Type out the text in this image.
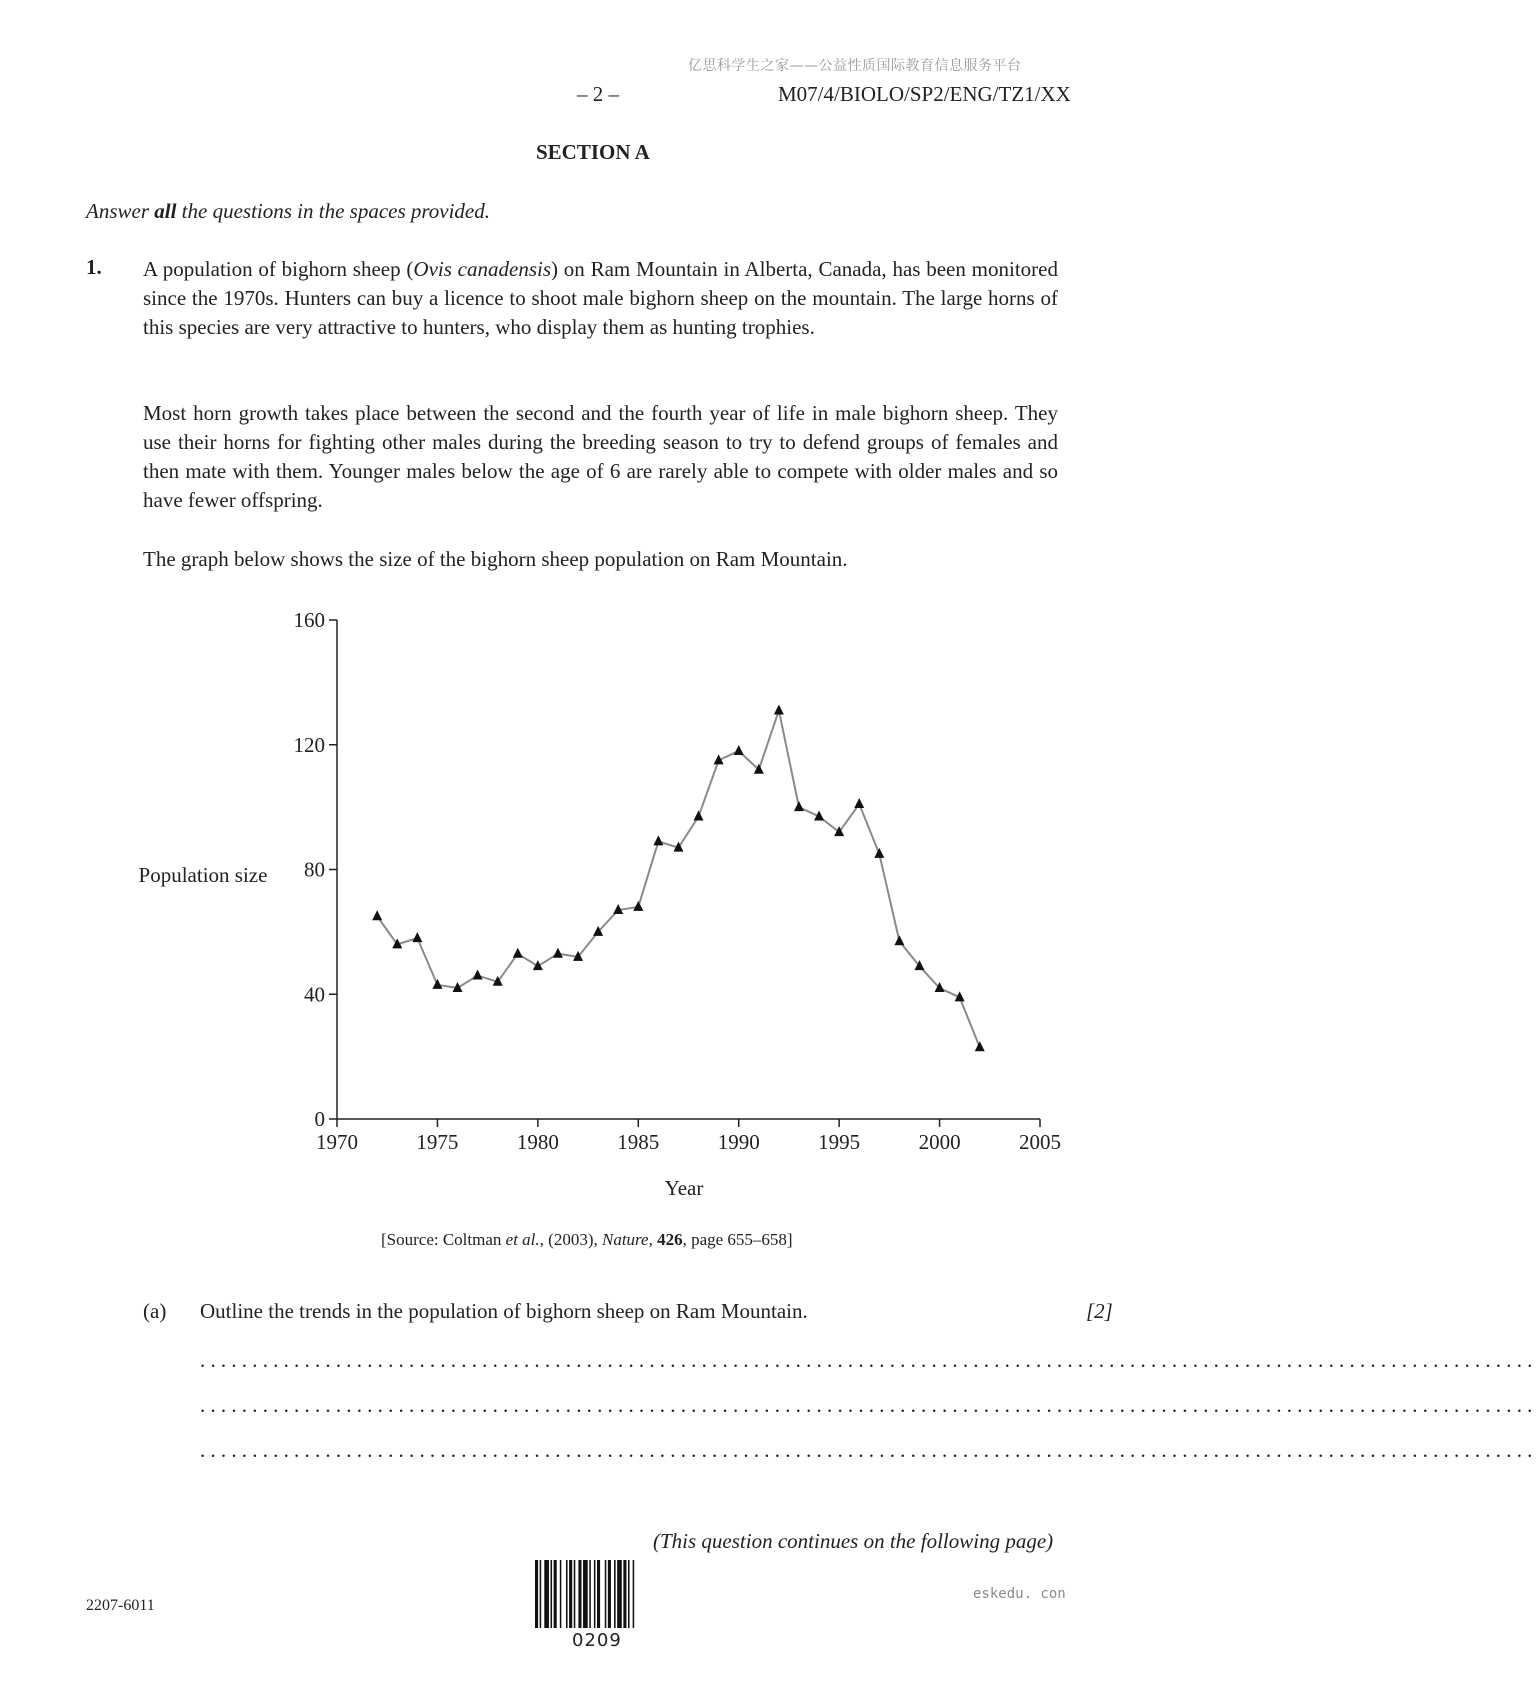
亿思科学生之家——公益性质国际教育信息服务平台
– 2 –	M07/4/BIOLO/SP2/ENG/TZ1/XX
SECTION A
Answer all the questions in the spaces provided.
1. A population of bighorn sheep (Ovis canadensis) on Ram Mountain in Alberta, Canada, has been monitored since the 1970s. Hunters can buy a licence to shoot male bighorn sheep on the mountain. The large horns of this species are very attractive to hunters, who display them as hunting trophies.
Most horn growth takes place between the second and the fourth year of life in male bighorn sheep. They use their horns for fighting other males during the breeding season to try to defend groups of females and then mate with them. Younger males below the age of 6 are rarely able to compete with older males and so have fewer offspring.
The graph below shows the size of the bighorn sheep population on Ram Mountain.
0
40
80
120
160
1970	1975	1980	1985	1990	1995	2000	2005
Population size
Year
[Source: Coltman et al., (2003), Nature, 426, page 655–658]
(a) Outline the trends in the population of bighorn sheep on Ram Mountain.	[2]
................................................................................................................................
................................................................................................................................
................................................................................................................................
(This question continues on the following page)
2207-6011
0209
eskedu. con
